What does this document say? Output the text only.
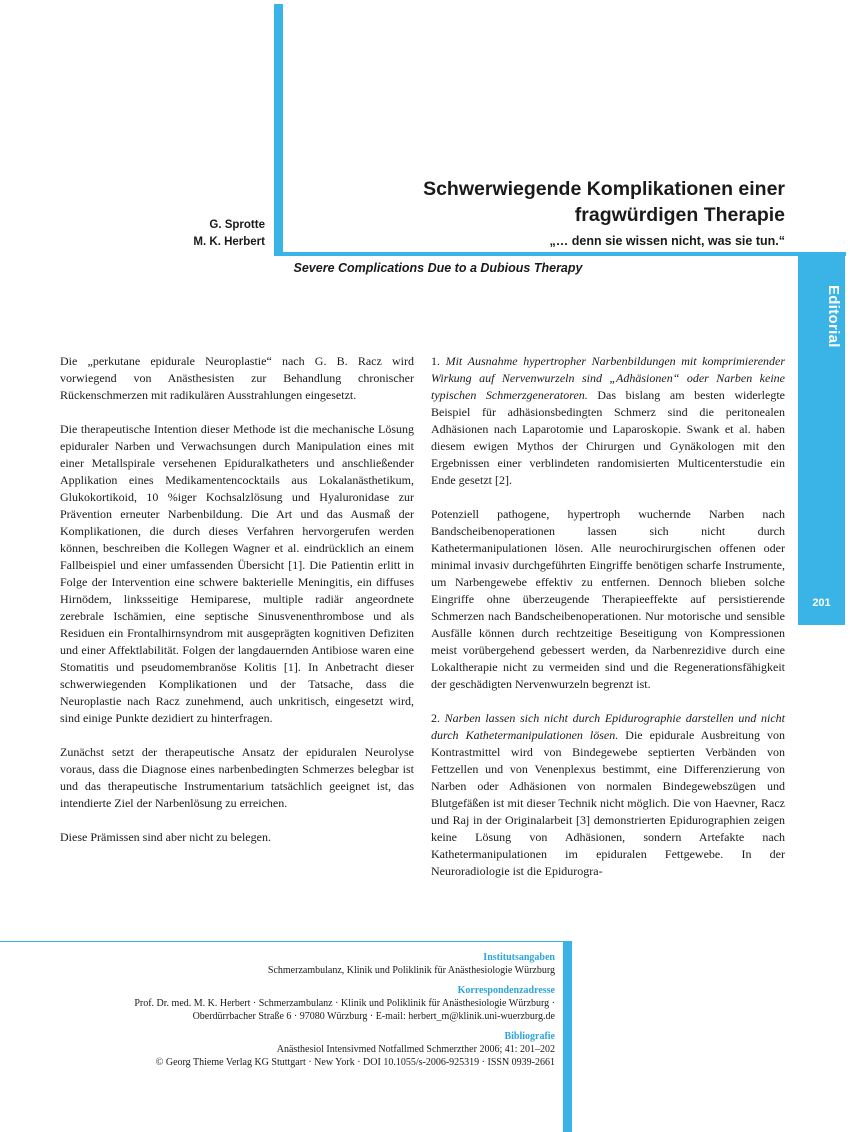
Editorial
201
G. Sprotte
M. K. Herbert
Schwerwiegende Komplikationen einer
fragwürdigen Therapie
„… denn sie wissen nicht, was sie tun.“
Severe Complications Due to a Dubious Therapy

Die „perkutane epidurale Neuroplastie“ nach G. B. Racz wird vorwiegend von Anästhesisten zur Behandlung chronischer Rückenschmerzen mit radikulären Ausstrahlungen eingesetzt.

Die therapeutische Intention dieser Methode ist die mechanische Lösung epiduraler Narben und Verwachsungen durch Manipulation eines mit einer Metallspirale versehenen Epiduralkatheters und anschließender Applikation eines Medikamentencocktails aus Lokalanästhetikum, Glukokortikoid, 10 %iger Kochsalzlösung und Hyaluronidase zur Prävention erneuter Narbenbildung. Die Art und das Ausmaß der Komplikationen, die durch dieses Verfahren hervorgerufen werden können, beschreiben die Kollegen Wagner et al. eindrücklich an einem Fallbeispiel und einer umfassenden Übersicht [1]. Die Patientin erlitt in Folge der Intervention eine schwere bakterielle Meningitis, ein diffuses Hirnödem, linksseitige Hemiparese, multiple radiär angeordnete zerebrale Ischämien, eine septische Sinusvenenthrombose und als Residuen ein Frontalhirnsyndrom mit ausgeprägten kognitiven Defiziten und einer Affektlabilität. Folgen der langdauernden Antibiose waren eine Stomatitis und pseudomembranöse Kolitis [1]. In Anbetracht dieser schwerwiegenden Komplikationen und der Tatsache, dass die Neuroplastie nach Racz zunehmend, auch unkritisch, eingesetzt wird, sind einige Punkte dezidiert zu hinterfragen.

Zunächst setzt der therapeutische Ansatz der epiduralen Neurolyse voraus, dass die Diagnose eines narbenbedingten Schmerzes belegbar ist und das therapeutische Instrumentarium tatsächlich geeignet ist, das intendierte Ziel der Narbenlösung zu erreichen.

Diese Prämissen sind aber nicht zu belegen.

1. Mit Ausnahme hypertropher Narbenbildungen mit komprimierender Wirkung auf Nervenwurzeln sind „Adhäsionen“ oder Narben keine typischen Schmerzgeneratoren. Das bislang am besten widerlegte Beispiel für adhäsionsbedingten Schmerz sind die peritonealen Adhäsionen nach Laparotomie und Laparoskopie. Swank et al. haben diesem ewigen Mythos der Chirurgen und Gynäkologen mit den Ergebnissen einer verblindeten randomisierten Multicenterstudie ein Ende gesetzt [2].

Potenziell pathogene, hypertroph wuchernde Narben nach Bandscheibenoperationen lassen sich nicht durch Kathetermanipulationen lösen. Alle neurochirurgischen offenen oder minimal invasiv durchgeführten Eingriffe benötigen scharfe Instrumente, um Narbengewebe effektiv zu entfernen. Dennoch blieben solche Eingriffe ohne überzeugende Therapieeffekte auf persistierende Schmerzen nach Bandscheibenoperationen. Nur motorische und sensible Ausfälle können durch rechtzeitige Beseitigung von Kompressionen meist vorübergehend gebessert werden, da Narbenrezidive durch eine Lokaltherapie nicht zu vermeiden sind und die Regenerationsfähigkeit der geschädigten Nervenwurzeln begrenzt ist.

2. Narben lassen sich nicht durch Epidurographie darstellen und nicht durch Kathetermanipulationen lösen. Die epidurale Ausbreitung von Kontrastmittel wird von Bindegewebe septierten Verbänden von Fettzellen und von Venenplexus bestimmt, eine Differenzierung von Narben oder Adhäsionen von normalen Bindegewebszügen und Blutgefäßen ist mit dieser Technik nicht möglich. Die von Haevner, Racz und Raj in der Originalarbeit [3] demonstrierten Epidurographien zeigen keine Lösung von Adhäsionen, sondern Artefakte nach Kathetermanipulationen im epiduralen Fettgewebe. In der Neuroradiologie ist die Epidurogra-

Institutsangaben
Schmerzambulanz, Klinik und Poliklinik für Anästhesiologie Würzburg
Korrespondenzadresse
Prof. Dr. med. M. K. Herbert · Schmerzambulanz · Klinik und Poliklinik für Anästhesiologie Würzburg ·
Oberdürrbacher Straße 6 · 97080 Würzburg · E-mail: herbert_m@klinik.uni-wuerzburg.de
Bibliografie
Anästhesiol Intensivmed Notfallmed Schmerzther 2006; 41: 201–202
© Georg Thieme Verlag KG Stuttgart · New York · DOI 10.1055/s-2006-925319 · ISSN 0939-2661
